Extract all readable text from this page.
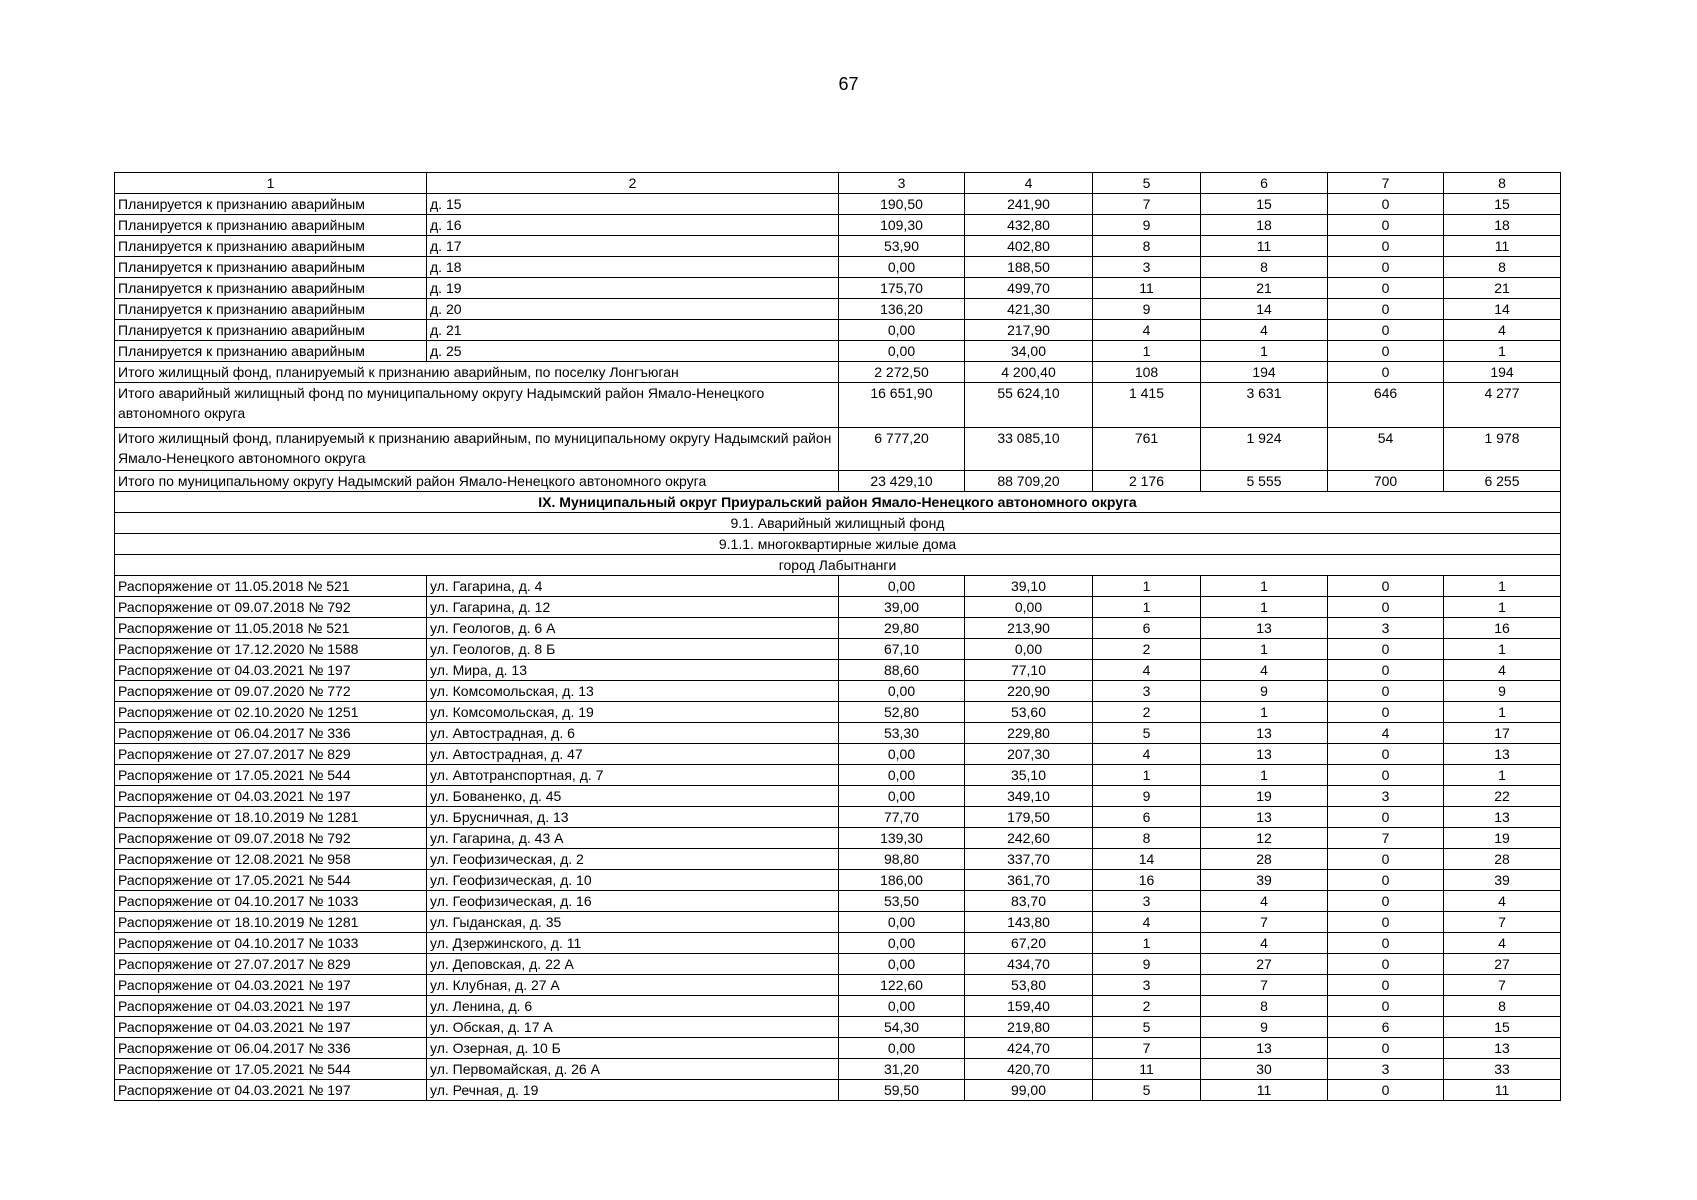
67
1	2	3	4	5	6	7	8
Планируется к признанию аварийным	д. 15	190,50	241,90	7	15	0	15
Планируется к признанию аварийным	д. 16	109,30	432,80	9	18	0	18
Планируется к признанию аварийным	д. 17	53,90	402,80	8	11	0	11
Планируется к признанию аварийным	д. 18	0,00	188,50	3	8	0	8
Планируется к признанию аварийным	д. 19	175,70	499,70	11	21	0	21
Планируется к признанию аварийным	д. 20	136,20	421,30	9	14	0	14
Планируется к признанию аварийным	д. 21	0,00	217,90	4	4	0	4
Планируется к признанию аварийным	д. 25	0,00	34,00	1	1	0	1
Итого жилищный фонд, планируемый к признанию аварийным, по поселку Лонгъюган		2 272,50	4 200,40	108	194	0	194
Итого аварийный жилищный фонд по муниципальному округу Надымский район Ямало-Ненецкого автономного округа		16 651,90	55 624,10	1 415	3 631	646	4 277
Итого жилищный фонд, планируемый к признанию аварийным, по муниципальному округу Надымский район Ямало-Ненецкого автономного округа		6 777,20	33 085,10	761	1 924	54	1 978
Итого по муниципальному округу Надымский район Ямало-Ненецкого автономного округа		23 429,10	88 709,20	2 176	5 555	700	6 255
IX. Муниципальный округ Приуральский район Ямало-Ненецкого автономного округа							
9.1. Аварийный жилищный фонд							
9.1.1. многоквартирные жилые дома							
город Лабытнанги							
Распоряжение от 11.05.2018 № 521	ул. Гагарина, д. 4	0,00	39,10	1	1	0	1
Распоряжение от 09.07.2018 № 792	ул. Гагарина, д. 12	39,00	0,00	1	1	0	1
Распоряжение от 11.05.2018 № 521	ул. Геологов, д. 6 А	29,80	213,90	6	13	3	16
Распоряжение от 17.12.2020 № 1588	ул. Геологов, д. 8 Б	67,10	0,00	2	1	0	1
Распоряжение от 04.03.2021 № 197	ул. Мира, д. 13	88,60	77,10	4	4	0	4
Распоряжение от 09.07.2020 № 772	ул. Комсомольская, д. 13	0,00	220,90	3	9	0	9
Распоряжение от 02.10.2020 № 1251	ул. Комсомольская, д. 19	52,80	53,60	2	1	0	1
Распоряжение от 06.04.2017 № 336	ул. Автострадная, д. 6	53,30	229,80	5	13	4	17
Распоряжение от 27.07.2017 № 829	ул. Автострадная, д. 47	0,00	207,30	4	13	0	13
Распоряжение от 17.05.2021 № 544	ул. Автотранспортная, д. 7	0,00	35,10	1	1	0	1
Распоряжение от 04.03.2021 № 197	ул. Бованенко, д. 45	0,00	349,10	9	19	3	22
Распоряжение от 18.10.2019 № 1281	ул. Брусничная, д. 13	77,70	179,50	6	13	0	13
Распоряжение от 09.07.2018 № 792	ул. Гагарина, д. 43 А	139,30	242,60	8	12	7	19
Распоряжение от 12.08.2021 № 958	ул. Геофизическая, д. 2	98,80	337,70	14	28	0	28
Распоряжение от 17.05.2021 № 544	ул. Геофизическая, д. 10	186,00	361,70	16	39	0	39
Распоряжение от 04.10.2017 № 1033	ул. Геофизическая, д. 16	53,50	83,70	3	4	0	4
Распоряжение от 18.10.2019 № 1281	ул. Гыданская, д. 35	0,00	143,80	4	7	0	7
Распоряжение от 04.10.2017 № 1033	ул. Дзержинского, д. 11	0,00	67,20	1	4	0	4
Распоряжение от 27.07.2017 № 829	ул. Деповская, д. 22 А	0,00	434,70	9	27	0	27
Распоряжение от 04.03.2021 № 197	ул. Клубная, д. 27 А	122,60	53,80	3	7	0	7
Распоряжение от 04.03.2021 № 197	ул. Ленина, д. 6	0,00	159,40	2	8	0	8
Распоряжение от 04.03.2021 № 197	ул. Обская, д. 17 А	54,30	219,80	5	9	6	15
Распоряжение от 06.04.2017 № 336	ул. Озерная, д. 10 Б	0,00	424,70	7	13	0	13
Распоряжение от 17.05.2021 № 544	ул. Первомайская, д. 26 А	31,20	420,70	11	30	3	33
Распоряжение от 04.03.2021 № 197	ул. Речная, д. 19	59,50	99,00	5	11	0	11
